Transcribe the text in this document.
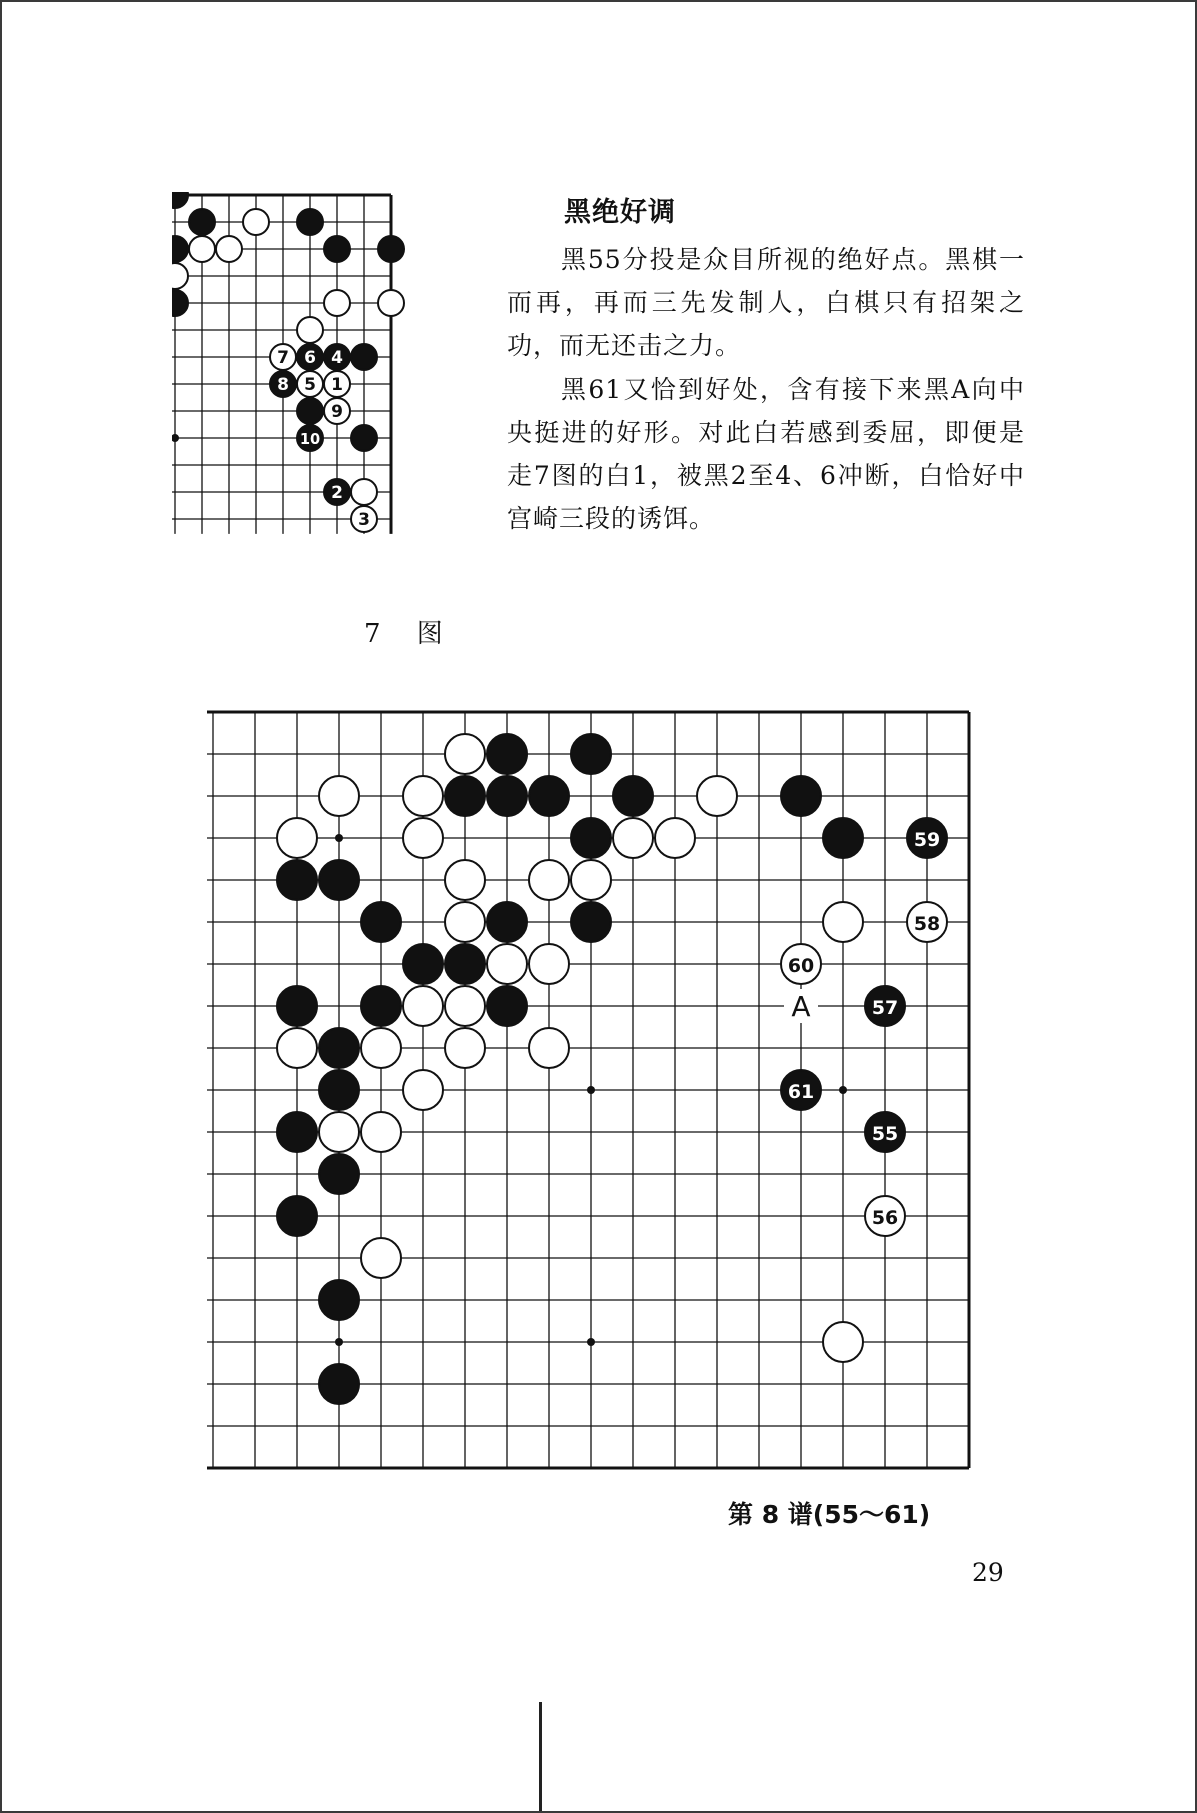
7 6 4
8 5 1
9
10
2
3
黑绝好调

黑55分投是众目所视的绝好点。黑棋一而再，再而三先发制人，白棋只有招架之功，而无还击之力。

黑61又恰到好处，含有接下来黑A向中央挺进的好形。对此白若感到委屈，即便是走7图的白1，被黑2至4、6冲断，白恰好中宫崎三段的诱饵。

7 图
59
58
60
57
61
55
56
A
第 8 谱(55～61)
29
